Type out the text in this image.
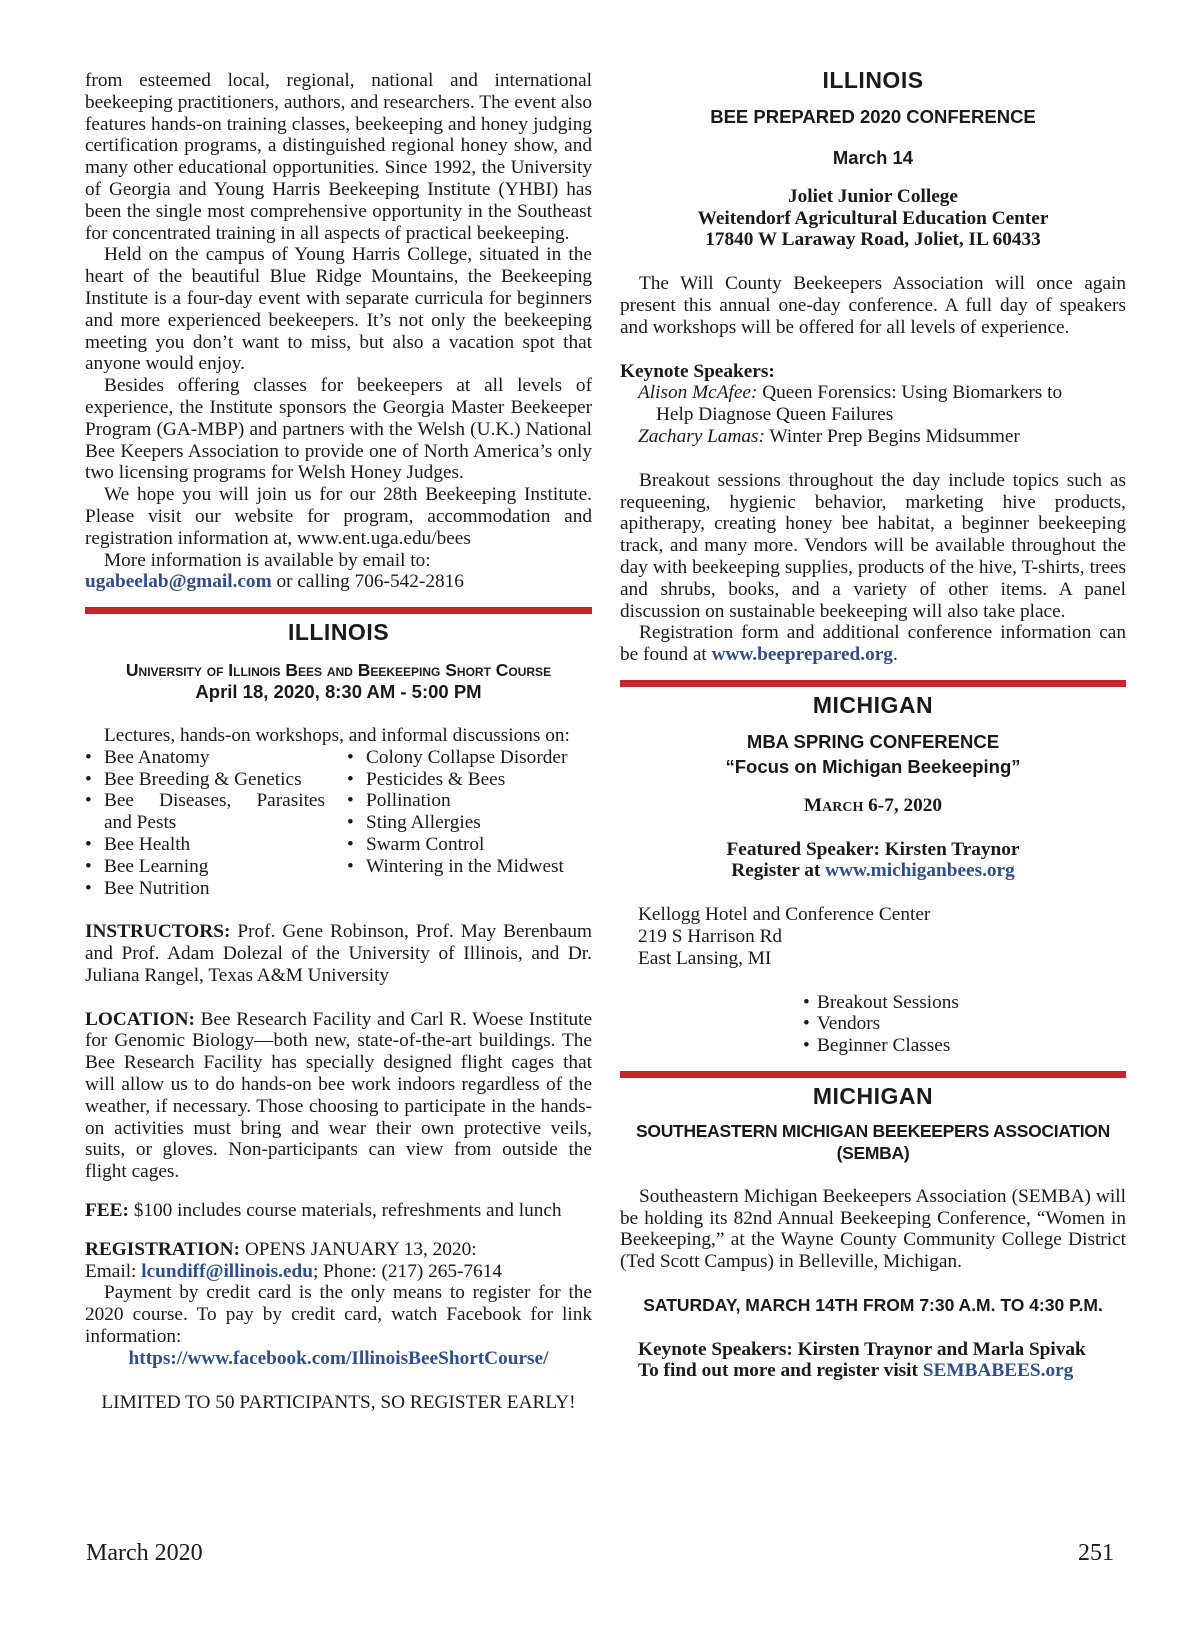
from esteemed local, regional, national and international beekeeping practitioners, authors, and researchers. The event also features hands-on training classes, beekeeping and honey judging certification programs, a distinguished regional honey show, and many other educational opportunities. Since 1992, the University of Georgia and Young Harris Beekeeping Institute (YHBI) has been the single most comprehensive opportunity in the Southeast for concentrated training in all aspects of practical beekeeping.

Held on the campus of Young Harris College, situated in the heart of the beautiful Blue Ridge Mountains, the Beekeeping Institute is a four-day event with separate curricula for beginners and more experienced beekeepers. It’s not only the beekeeping meeting you don’t want to miss, but also a vacation spot that anyone would enjoy.

Besides offering classes for beekeepers at all levels of experience, the Institute sponsors the Georgia Master Beekeeper Program (GA-MBP) and partners with the Welsh (U.K.) National Bee Keepers Association to provide one of North America’s only two licensing programs for Welsh Honey Judges.

We hope you will join us for our 28th Beekeeping Institute. Please visit our website for program, accommodation and registration information at, www.ent.uga.edu/bees

More information is available by email to: ugabeelab@gmail.com or calling 706-542-2816

ILLINOIS
University of Illinois Bees and Beekeeping Short Course
April 18, 2020, 8:30 AM - 5:00 PM

Lectures, hands-on workshops, and informal discussions on:

• Bee Anatomy
• Bee Breeding & Genetics
• Bee Diseases, Parasites
and Pests
• Bee Health
• Bee Learning
• Bee Nutrition
• Colony Collapse Disorder
• Pesticides & Bees
• Pollination
• Sting Allergies
• Swarm Control
• Wintering in the Midwest

INSTRUCTORS: Prof. Gene Robinson, Prof. May Berenbaum and Prof. Adam Dolezal of the University of Illinois, and Dr. Juliana Rangel, Texas A&M University

LOCATION: Bee Research Facility and Carl R. Woese Institute for Genomic Biology—both new, state-of-the-art buildings. The Bee Research Facility has specially designed flight cages that will allow us to do hands-on bee work indoors regardless of the weather, if necessary. Those choosing to participate in the hands-on activities must bring and wear their own protective veils, suits, or gloves. Non-participants can view from outside the flight cages.

FEE: $100 includes course materials, refreshments and lunch

REGISTRATION: OPENS JANUARY 13, 2020:

Email: lcundiff@illinois.edu; Phone: (217) 265-7614

Payment by credit card is the only means to register for the 2020 course. To pay by credit card, watch Facebook for link information:

https://www.facebook.com/IllinoisBeeShortCourse/

LIMITED TO 50 PARTICIPANTS, SO REGISTER EARLY!

ILLINOIS
BEE PREPARED 2020 CONFERENCE
March 14

Joliet Junior College

Weitendorf Agricultural Education Center

17840 W Laraway Road, Joliet, IL 60433

The Will County Beekeepers Association will once again present this annual one-day conference. A full day of speakers and workshops will be offered for all levels of experience.

Keynote Speakers:

Alison McAfee: Queen Forensics: Using Biomarkers to

Help Diagnose Queen Failures

Zachary Lamas: Winter Prep Begins Midsummer

Breakout sessions throughout the day include topics such as requeening, hygienic behavior, marketing hive products, apitherapy, creating honey bee habitat, a beginner beekeeping track, and many more. Vendors will be available throughout the day with beekeeping supplies, products of the hive, T-shirts, trees and shrubs, books, and a variety of other items. A panel discussion on sustainable beekeeping will also take place.

Registration form and additional conference information can be found at www.beeprepared.org.

MICHIGAN
MBA SPRING CONFERENCE
“Focus on Michigan Beekeeping”

March 6-7, 2020

Featured Speaker: Kirsten Traynor

Register at www.michiganbees.org

Kellogg Hotel and Conference Center

219 S Harrison Rd

East Lansing, MI

• Breakout Sessions
• Vendors
• Beginner Classes
MICHIGAN
SOUTHEASTERN MICHIGAN BEEKEEPERS ASSOCIATION (SEMBA)

Southeastern Michigan Beekeepers Association (SEMBA) will be holding its 82nd Annual Beekeeping Conference, “Women in Beekeeping,” at the Wayne County Community College District (Ted Scott Campus) in Belleville, Michigan.

SATURDAY, MARCH 14TH FROM 7:30 A.M. TO 4:30 P.M.

Keynote Speakers: Kirsten Traynor and Marla Spivak

To find out more and register visit SEMBABEES.org

March 2020	251
